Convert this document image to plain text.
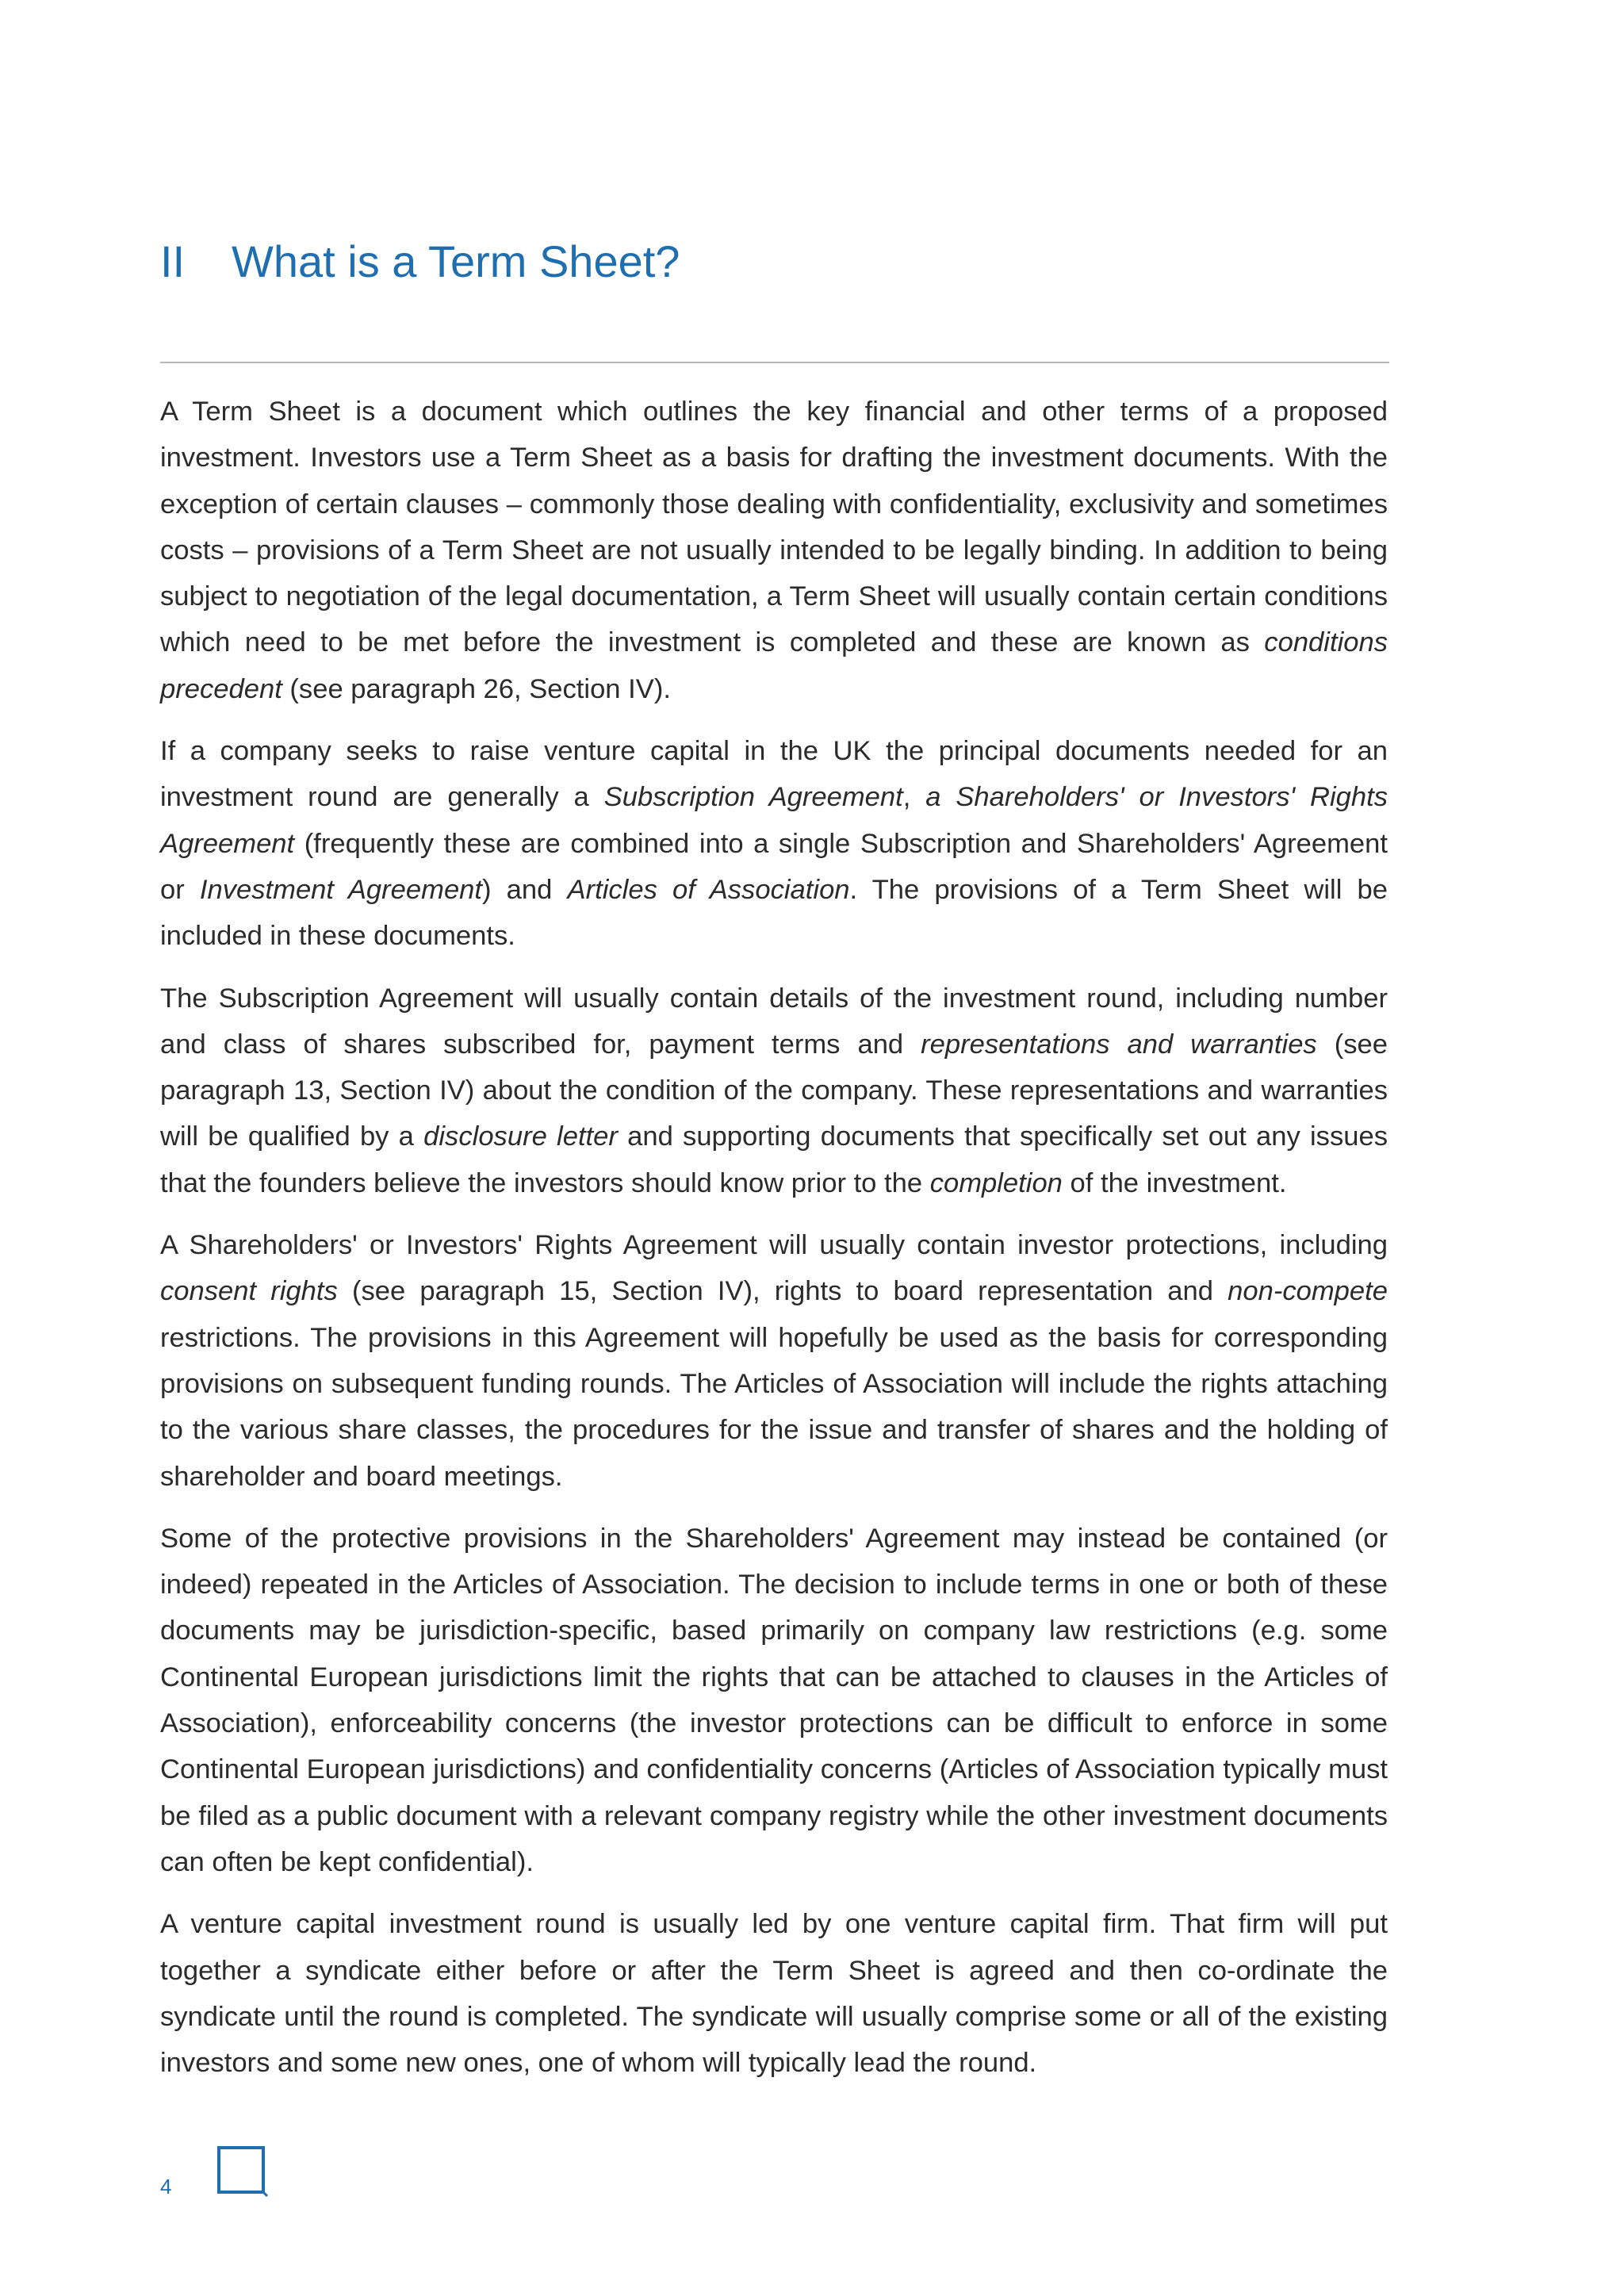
II What is a Term Sheet?

A Term Sheet is a document which outlines the key financial and other terms of a proposed investment. Investors use a Term Sheet as a basis for drafting the investment documents. With the exception of certain clauses – commonly those dealing with confidentiality, exclusivity and sometimes costs – provisions of a Term Sheet are not usually intended to be legally binding. In addition to being subject to negotiation of the legal documentation, a Term Sheet will usually contain certain conditions which need to be met before the investment is completed and these are known as conditions precedent (see paragraph 26, Section IV).

If a company seeks to raise venture capital in the UK the principal documents needed for an investment round are generally a Subscription Agreement, a Shareholders' or Investors' Rights Agreement (frequently these are combined into a single Subscription and Shareholders' Agreement or Investment Agreement) and Articles of Association. The provisions of a Term Sheet will be included in these documents.

The Subscription Agreement will usually contain details of the investment round, including number and class of shares subscribed for, payment terms and representations and warranties (see paragraph 13, Section IV) about the condition of the company. These representations and warranties will be qualified by a disclosure letter and supporting documents that specifically set out any issues that the founders believe the investors should know prior to the completion of the investment.

A Shareholders' or Investors' Rights Agreement will usually contain investor protections, including consent rights (see paragraph 15, Section IV), rights to board representation and non-compete restrictions. The provisions in this Agreement will hopefully be used as the basis for corresponding provisions on subsequent funding rounds. The Articles of Association will include the rights attaching to the various share classes, the procedures for the issue and transfer of shares and the holding of shareholder and board meetings.

Some of the protective provisions in the Shareholders' Agreement may instead be contained (or indeed) repeated in the Articles of Association. The decision to include terms in one or both of these documents may be jurisdiction-specific, based primarily on company law restrictions (e.g. some Continental European jurisdictions limit the rights that can be attached to clauses in the Articles of Association), enforceability concerns (the investor protections can be difficult to enforce in some Continental European jurisdictions) and confidentiality concerns (Articles of Association typically must be filed as a public document with a relevant company registry while the other investment documents can often be kept confidential).

A venture capital investment round is usually led by one venture capital firm. That firm will put together a syndicate either before or after the Term Sheet is agreed and then co-ordinate the syndicate until the round is completed. The syndicate will usually comprise some or all of the existing investors and some new ones, one of whom will typically lead the round.

4
